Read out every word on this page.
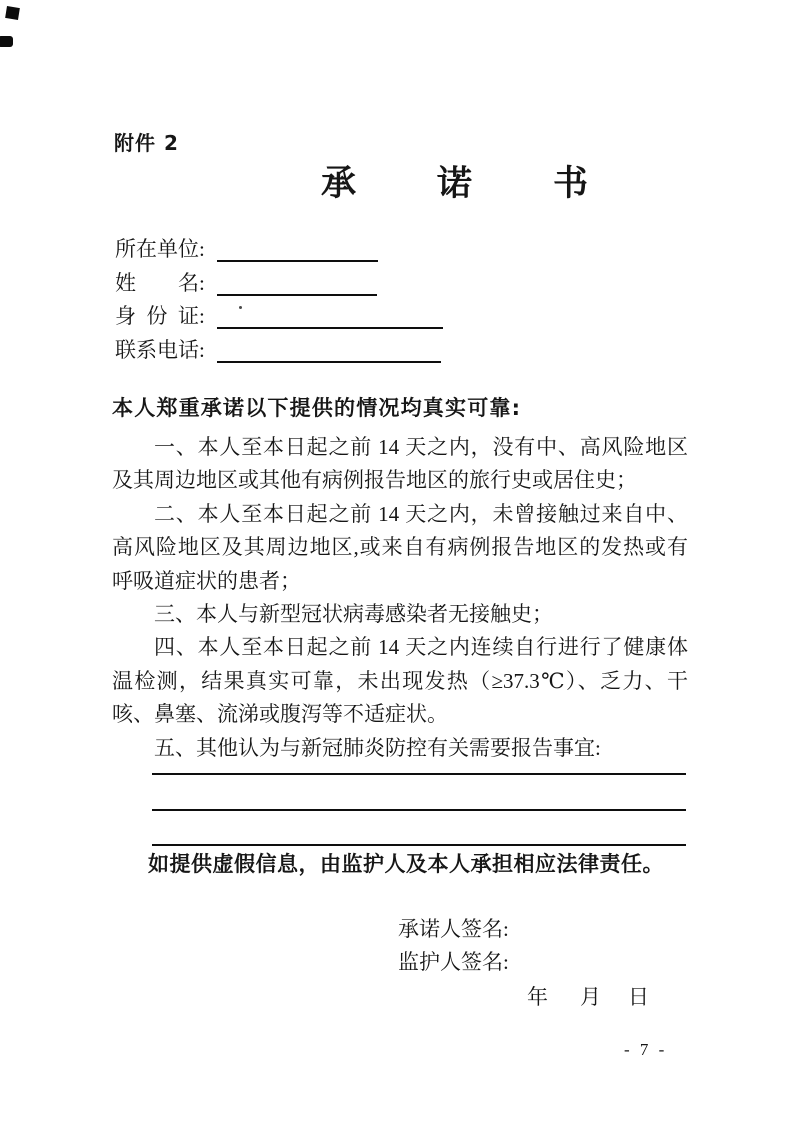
附件 2
承　诺　书
所在单位 :
姓名 :
身份证 :
联系电话 :
本人郑重承诺以下提供的情况均真实可靠:
一、本人至本日起之前 14 天之内，没有中、高风险地区
及其周边地区或其他有病例报告地区的旅行史或居住史；
二、本人至本日起之前 14 天之内，未曾接触过来自中、
高风险地区及其周边地区,或来自有病例报告地区的发热或有
呼吸道症状的患者；
三、本人与新型冠状病毒感染者无接触史；
四、本人至本日起之前 14 天之内连续自行进行了健康体
温检测，结果真实可靠，未出现发热（≥37.3℃）、乏力、干
咳、鼻塞、流涕或腹泻等不适症状。
五、其他认为与新冠肺炎防控有关需要报告事宜:
如提供虚假信息，由监护人及本人承担相应法律责任。
承诺人签名:
监护人签名:
年 月 日
- 7 -
